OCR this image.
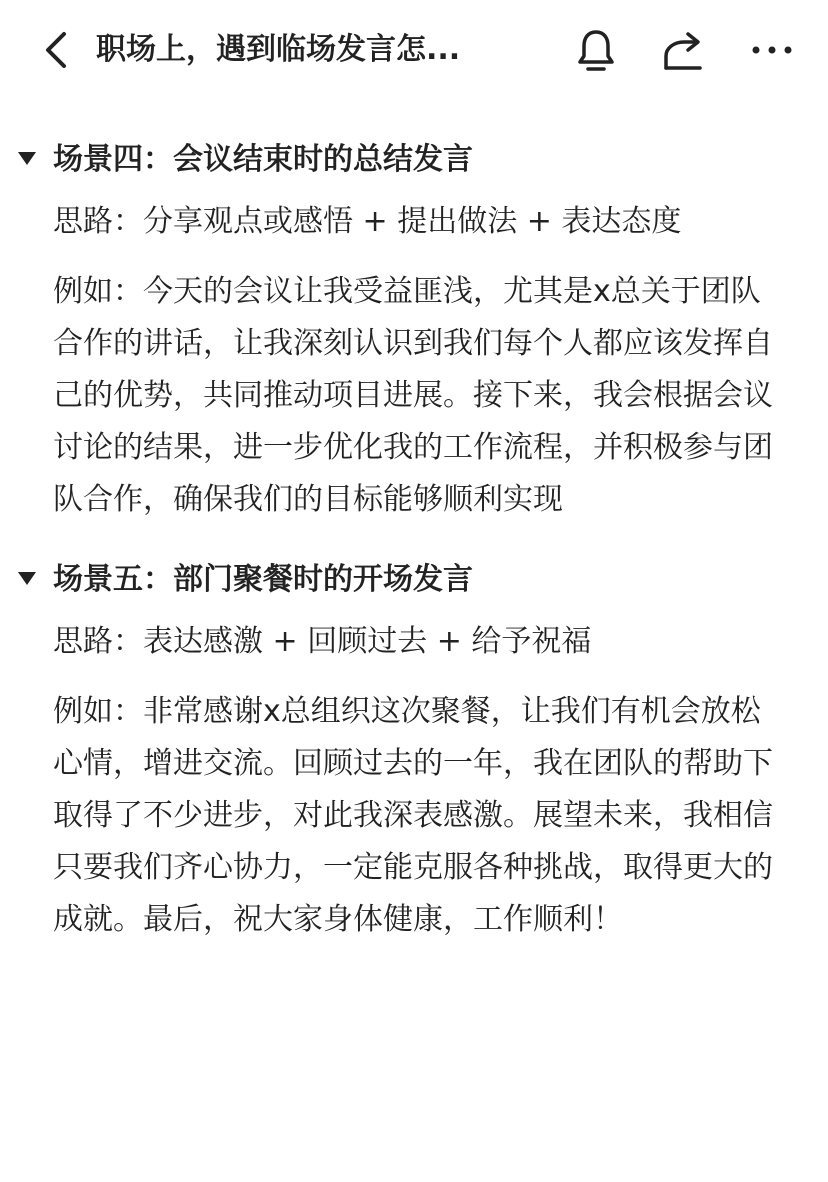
职场上，遇到临场发言怎...
场景四：会议结束时的总结发言
思路：分享观点或感悟 + 提出做法 + 表达态度
例如：今天的会议让我受益匪浅，尤其是x总关于团队合作的讲话，让我深刻认识到我们每个人都应该发挥自己的优势，共同推动项目进展。接下来，我会根据会议讨论的结果，进一步优化我的工作流程，并积极参与团队合作，确保我们的目标能够顺利实现
场景五：部门聚餐时的开场发言
思路：表达感激 + 回顾过去 + 给予祝福
例如：非常感谢x总组织这次聚餐，让我们有机会放松心情，增进交流。回顾过去的一年，我在团队的帮助下取得了不少进步，对此我深表感激。展望未来，我相信只要我们齐心协力，一定能克服各种挑战，取得更大的成就。最后，祝大家身体健康，工作顺利！
